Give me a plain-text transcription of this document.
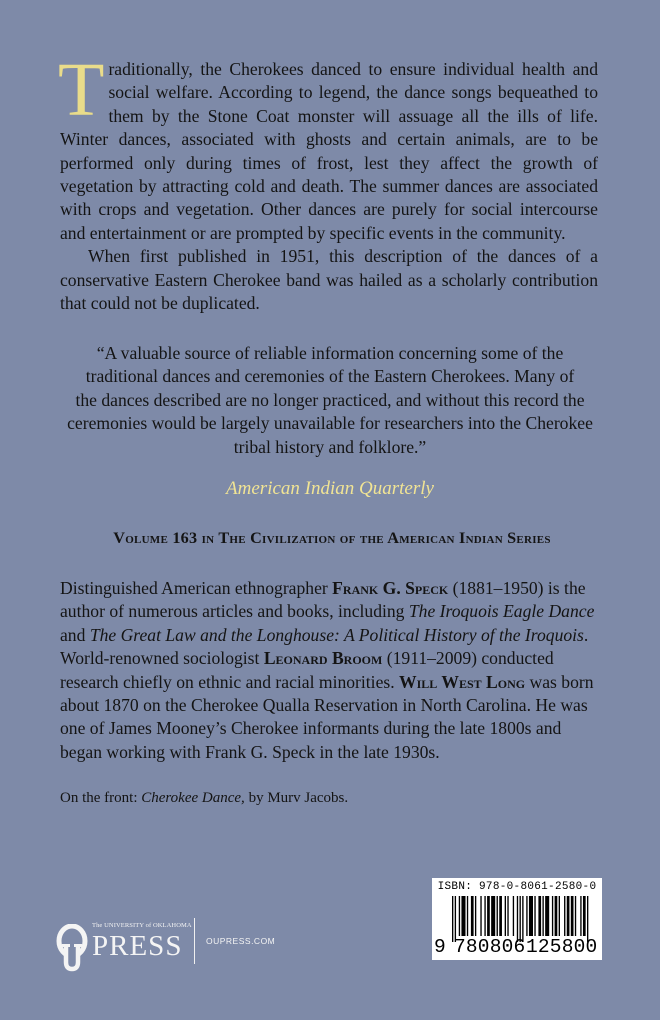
Traditionally, the Cherokees danced to ensure individual health and social welfare. According to legend, the dance songs bequeathed to them by the Stone Coat monster will assuage all the ills of life. Winter dances, associated with ghosts and certain animals, are to be performed only during times of frost, lest they affect the growth of vegetation by attracting cold and death. The summer dances are associated with crops and vegetation. Other dances are purely for social intercourse and entertainment or are prompted by specific events in the community.

When first published in 1951, this description of the dances of a conservative Eastern Cherokee band was hailed as a scholarly contribution that could not be duplicated.

“A valuable source of reliable information concerning some of the

traditional dances and ceremonies of the Eastern Cherokees. Many of

the dances described are no longer practiced, and without this record the

ceremonies would be largely unavailable for researchers into the Cherokee

tribal history and folklore.”

American Indian Quarterly
Volume 163 in The Civilization of the American Indian Series

Distinguished American ethnographer Frank G. Speck (1881–1950) is the author of numerous articles and books, including The Iroquois Eagle Dance and The Great Law and the Longhouse: A Political History of the Iroquois. World-renowned sociologist Leonard Broom (1911–2009) conducted research chiefly on ethnic and racial minorities. Will West Long was born about 1870 on the Cherokee Qualla Reservation in North Carolina. He was one of James Mooney’s Cherokee informants during the late 1800s and began working with Frank G. Speck in the late 1930s.

On the front: Cherokee Dance, by Murv Jacobs.
The UNIVERSITY of OKLAHOMA
PRESS	OUPRESS.COM
ISBN: 978-0-8061-2580-0
9 780806 125800
